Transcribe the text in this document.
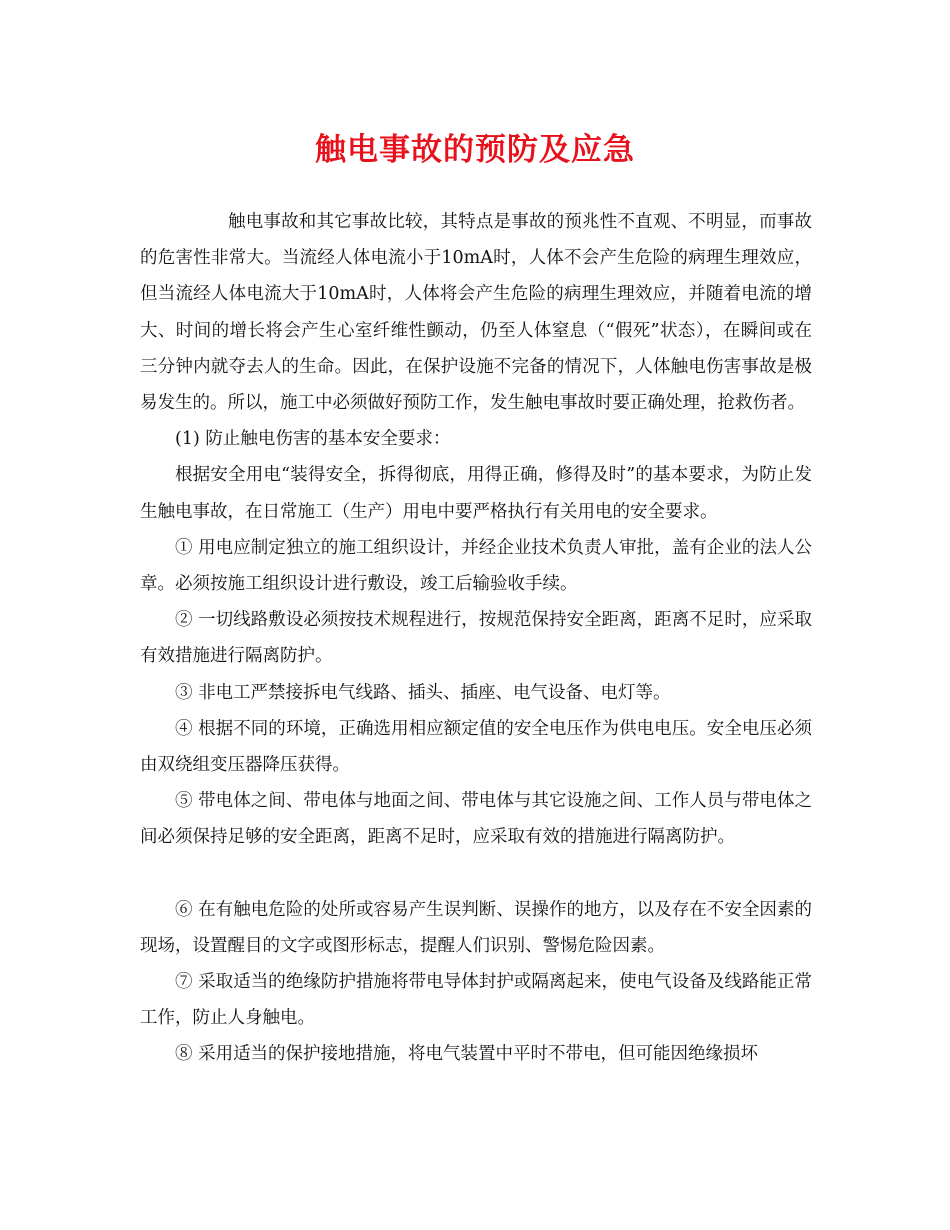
触电事故的预防及应急

触电事故和其它事故比较，其特点是事故的预兆性不直观、不明显，而事故的危害性非常大。当流经人体电流小于10mA时，人体不会产生危险的病理生理效应，但当流经人体电流大于10mA时，人体将会产生危险的病理生理效应，并随着电流的增大、时间的增长将会产生心室纤维性颤动，仍至人体窒息（“假死”状态），在瞬间或在三分钟内就夺去人的生命。因此，在保护设施不完备的情况下，人体触电伤害事故是极易发生的。所以，施工中必须做好预防工作，发生触电事故时要正确处理，抢救伤者。

(1) 防止触电伤害的基本安全要求：

根据安全用电“装得安全，拆得彻底，用得正确，修得及时”的基本要求，为防止发生触电事故，在日常施工（生产）用电中要严格执行有关用电的安全要求。

① 用电应制定独立的施工组织设计，并经企业技术负责人审批，盖有企业的法人公章。必须按施工组织设计进行敷设，竣工后输验收手续。

② 一切线路敷设必须按技术规程进行，按规范保持安全距离，距离不足时，应采取有效措施进行隔离防护。

③ 非电工严禁接拆电气线路、插头、插座、电气设备、电灯等。

④ 根据不同的环境，正确选用相应额定值的安全电压作为供电电压。安全电压必须由双绕组变压器降压获得。

⑤ 带电体之间、带电体与地面之间、带电体与其它设施之间、工作人员与带电体之间必须保持足够的安全距离，距离不足时，应采取有效的措施进行隔离防护。

⑥ 在有触电危险的处所或容易产生误判断、误操作的地方，以及存在不安全因素的现场，设置醒目的文字或图形标志，提醒人们识别、警惕危险因素。

⑦ 采取适当的绝缘防护措施将带电导体封护或隔离起来，使电气设备及线路能正常工作，防止人身触电。

⑧ 采用适当的保护接地措施，将电气装置中平时不带电，但可能因绝缘损坏
